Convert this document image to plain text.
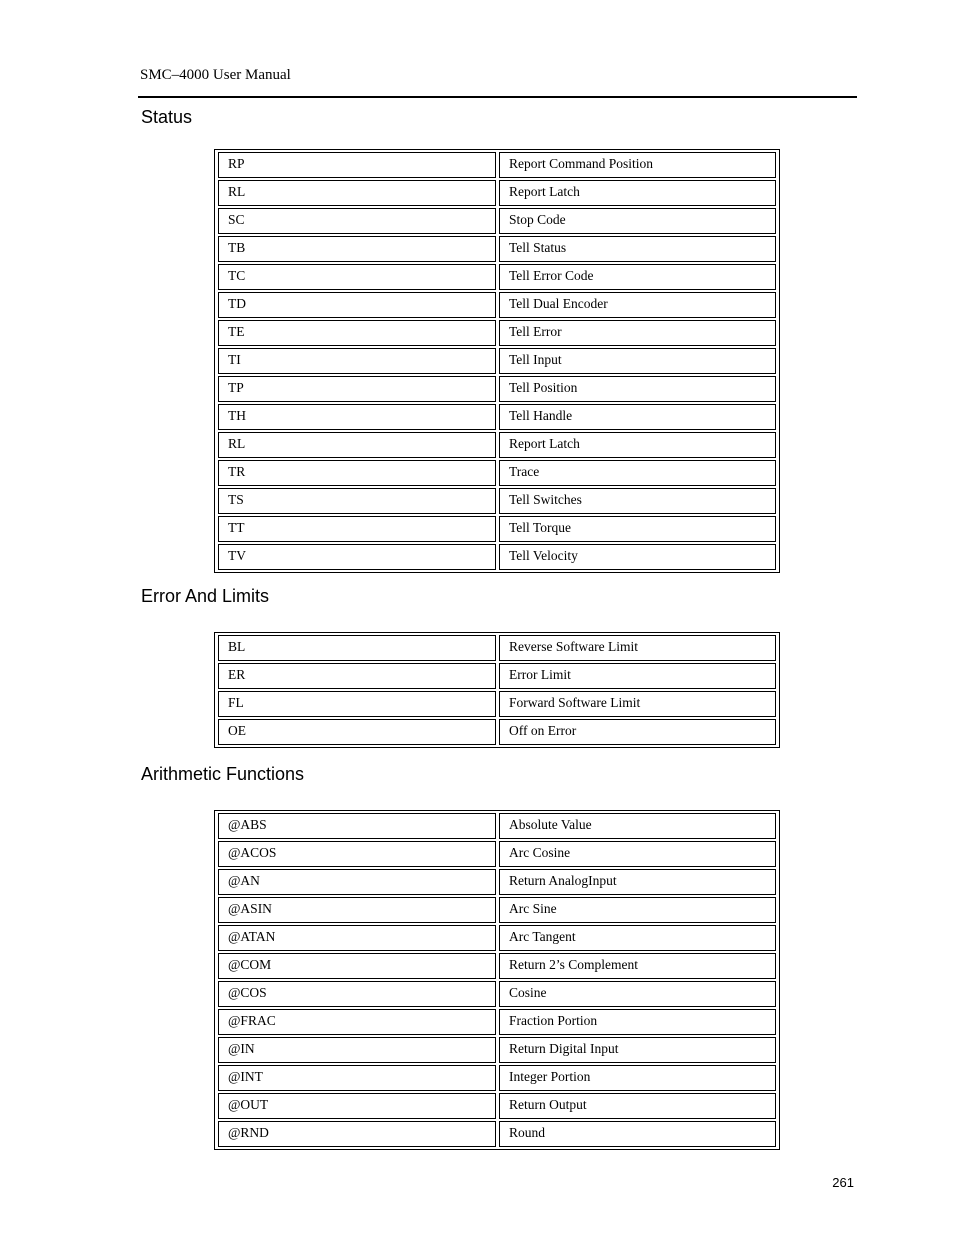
SMC–4000 User Manual
Status
RP	Report Command Position
RL	Report Latch
SC	Stop Code
TB	Tell Status
TC	Tell Error Code
TD	Tell Dual Encoder
TE	Tell Error
TI	Tell Input
TP	Tell Position
TH	Tell Handle
RL	Report Latch
TR	Trace
TS	Tell Switches
TT	Tell Torque
TV	Tell Velocity
Error And Limits
BL	Reverse Software Limit
ER	Error Limit
FL	Forward Software Limit
OE	Off on Error
Arithmetic Functions
@ABS	Absolute Value
@ACOS	Arc Cosine
@AN	Return AnalogInput
@ASIN	Arc Sine
@ATAN	Arc Tangent
@COM	Return 2’s Complement
@COS	Cosine
@FRAC	Fraction Portion
@IN	Return Digital Input
@INT	Integer Portion
@OUT	Return Output
@RND	Round
261
